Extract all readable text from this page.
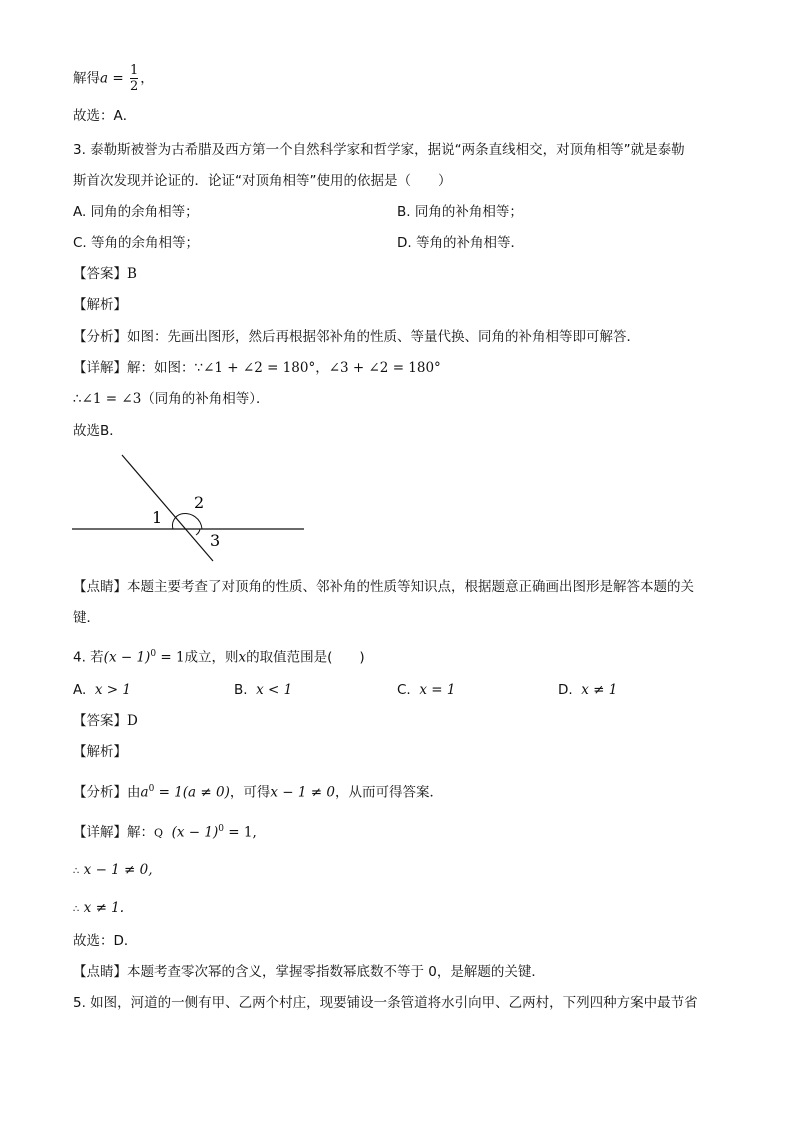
解得$a = \frac{1}{2}$ ，
故选：A．
3. 泰勒斯被誉为古希腊及西方第一个自然科学家和哲学家，据说“两条直线相交，对顶角相等”就是泰勒
斯首次发现并论证的．论证“对顶角相等”使用的依据是（　　）
A. 同角的余角相等；	B. 同角的补角相等；
C. 等角的余角相等；	D. 等角的补角相等．
【答案】B
【解析】
【分析】如图：先画出图形，然后再根据邻补角的性质、等量代换、同角的补角相等即可解答．
【详解】解：如图：∵∠1 + ∠2 = 180°，∠3 + ∠2 = 180°
∴∠1 = ∠3（同角的补角相等）．
故选B．
1
2
3
【点睛】本题主要考查了对顶角的性质、邻补角的性质等知识点，根据题意正确画出图形是解答本题的关
键．
4. 若$(x - 1)^0 = 1$成立，则x的取值范围是(　　)
A. x > 1	B. x < 1	C. x = 1	D. x ≠ 1
【答案】D
【解析】
【分析】由$a^0 = 1(a \ne 0)$，可得x − 1 ≠ 0，从而可得答案．
【详解】解：Q $(x - 1)^0 = 1$,
∴ x − 1 ≠ 0,
∴ x ≠ 1.
故选：D．
【点睛】本题考查零次幂的含义，掌握零指数幂底数不等于 0，是解题的关键．
5. 如图，河道的一侧有甲、乙两个村庄，现要铺设一条管道将水引向甲、乙两村，下列四种方案中最节省
